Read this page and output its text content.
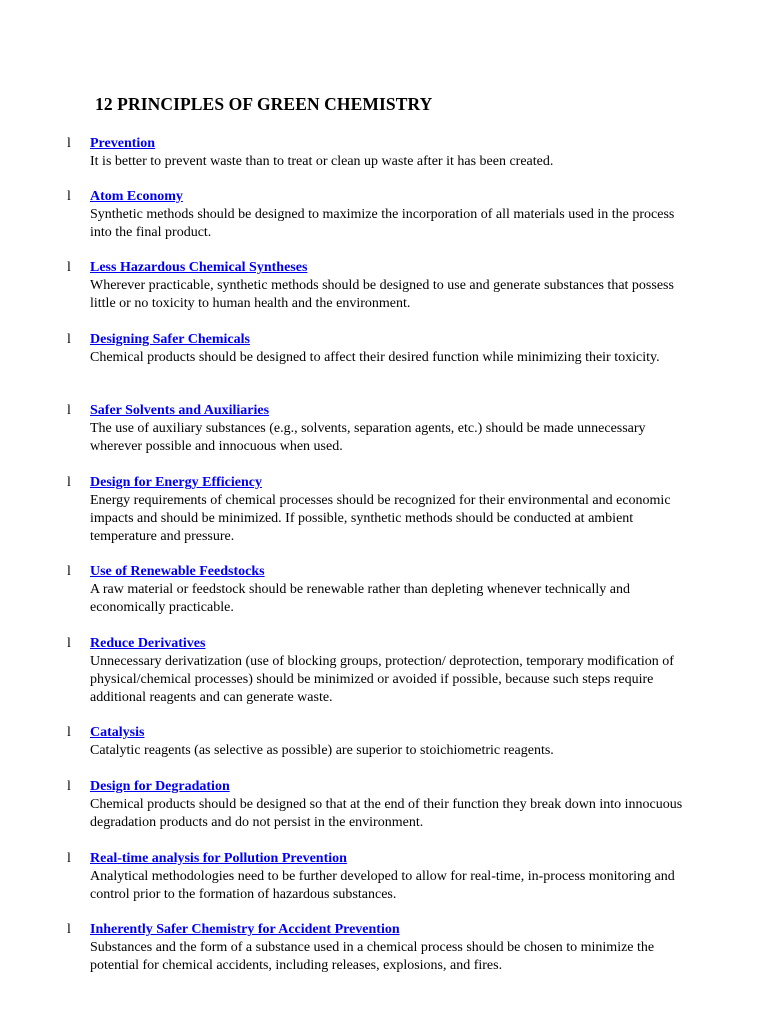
12 PRINCIPLES OF GREEN CHEMISTRY
l Prevention
It is better to prevent waste than to treat or clean up waste after it has been created.
l Atom Economy
Synthetic methods should be designed to maximize the incorporation of all materials used in the process into the final product.
l Less Hazardous Chemical Syntheses
Wherever practicable, synthetic methods should be designed to use and generate substances that possess little or no toxicity to human health and the environment.
l Designing Safer Chemicals
Chemical products should be designed to affect their desired function while minimizing their toxicity.
l Safer Solvents and Auxiliaries
The use of auxiliary substances (e.g., solvents, separation agents, etc.) should be made unnecessary wherever possible and innocuous when used.
l Design for Energy Efficiency
Energy requirements of chemical processes should be recognized for their environmental and economic impacts and should be minimized. If possible, synthetic methods should be conducted at ambient temperature and pressure.
l Use of Renewable Feedstocks
A raw material or feedstock should be renewable rather than depleting whenever technically and economically practicable.
l Reduce Derivatives
Unnecessary derivatization (use of blocking groups, protection/ deprotection, temporary modification of physical/chemical processes) should be minimized or avoided if possible, because such steps require additional reagents and can generate waste.
l Catalysis
Catalytic reagents (as selective as possible) are superior to stoichiometric reagents.
l Design for Degradation
Chemical products should be designed so that at the end of their function they break down into innocuous degradation products and do not persist in the environment.
l Real-time analysis for Pollution Prevention
Analytical methodologies need to be further developed to allow for real-time, in-process monitoring and control prior to the formation of hazardous substances.
l Inherently Safer Chemistry for Accident Prevention
Substances and the form of a substance used in a chemical process should be chosen to minimize the potential for chemical accidents, including releases, explosions, and fires.
